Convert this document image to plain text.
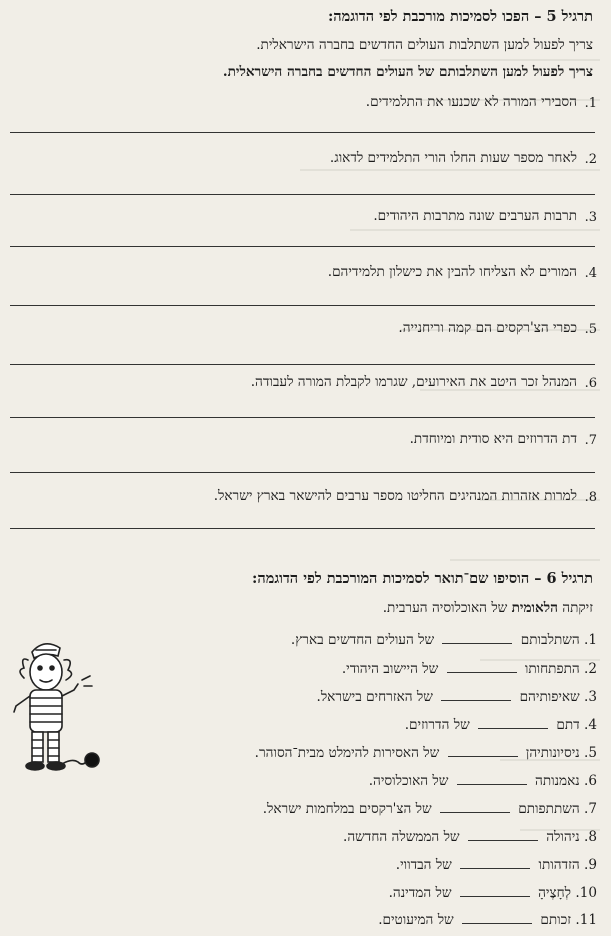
תרגיל 5 – הפכו לסמיכות מורכבת לפי הדוגמה:
צריך לפעול למען השתלבות העולים החדשים בחברה הישראלית.
צריך לפעול למען השתלבותם של העולים החדשים בחברה הישראלית.
1.
הסבירי המורה לא שכנעו את התלמידים.
2.
לאחר מספר שעות החלו הורי התלמידים לדאוג.
3.
תרבות הערבים שונה מתרבות היהודים.
4.
המורים לא הצליחו להבין את כישלון תלמידיהם.
5.
כפרי הצ'רקסים הם קמה וריחנייה.
6.
המנהל זכר היטב את האירועים, שגרמו לקבלת המורה לעבודה.
7.
דת הדרוזים היא סודית ומיוחדת.
8.
למרות אזהרות המנהיגים החליטו מספר ערבים להישאר בארץ ישראל.
תרגיל 6 – הוסיפו שם־תואר לסמיכות המורכבת לפי הדוגמה:
זיקתה הלאומית של האוכלוסיה הערבית.
1. השתלבותם  של העולים החדשים בארץ.
2. התפתחותו  של היישוב היהודי.
3. שאיפותיהם  של האזרחים בישראל.
4. דתם  של הדרוזים.
5. ניסיונותיהן  של האסירות להימלט מבית־הסוהר.
6. נאמנותה  של האוכלוסיה.
7. השתתפותם  של הצ'רקסים במלחמות ישראל.
8. ניהולה  של הממשלה החדשה.
9. הזדהותו  של הבדווי.
10. לְחָצֶיהָ  של המדינה.
11. זכותם  של המיעוטים.
